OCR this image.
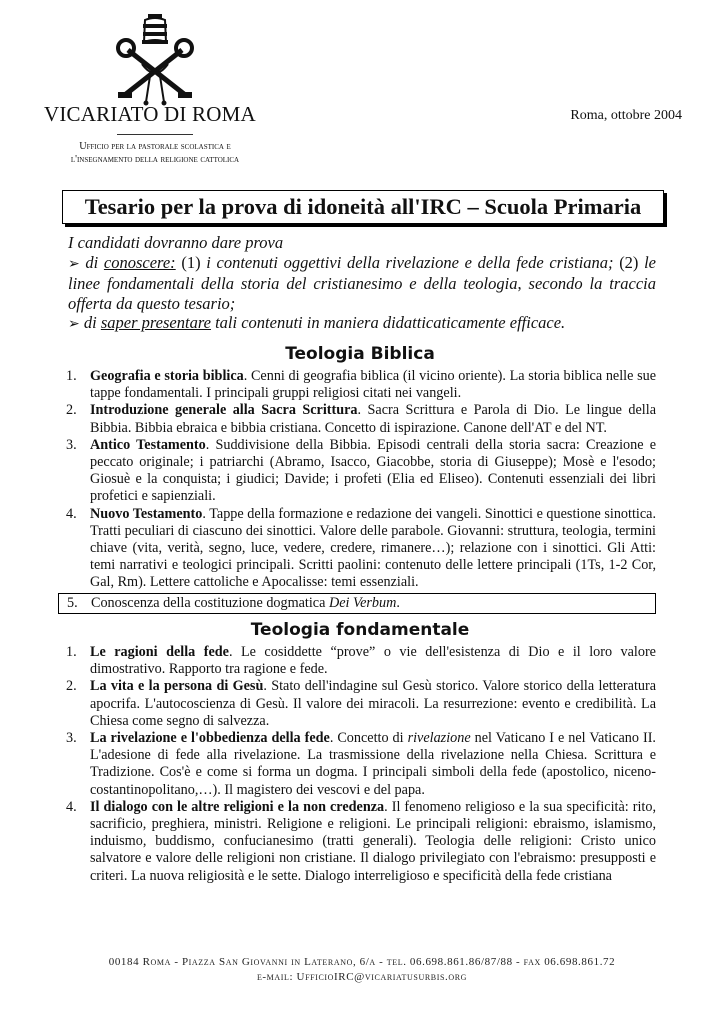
VICARIATO DI ROMA	Roma, ottobre 2004
Ufficio per la pastorale scolastica e
l'insegnamento della religione cattolica
Tesario per la prova di idoneità all'IRC – Scuola Primaria
I candidati dovranno dare prova
➢ di conoscere: (1) i contenuti oggettivi della rivelazione e della fede cristiana; (2) le linee fondamentali della storia del cristianesimo e della teologia, secondo la traccia offerta da questo tesario;
➢ di saper presentare tali contenuti in maniera didatticaticamente efficace.
Teologia Biblica
1. Geografia e storia biblica. Cenni di geografia biblica (il vicino oriente). La storia biblica nelle sue tappe fondamentali. I principali gruppi religiosi citati nei vangeli.
2. Introduzione generale alla Sacra Scrittura. Sacra Scrittura e Parola di Dio. Le lingue della Bibbia. Bibbia ebraica e bibbia cristiana. Concetto di ispirazione. Canone dell'AT e del NT.
3. Antico Testamento. Suddivisione della Bibbia. Episodi centrali della storia sacra: Creazione e peccato originale; i patriarchi (Abramo, Isacco, Giacobbe, storia di Giuseppe); Mosè e l'esodo; Giosuè e la conquista; i giudici; Davide; i profeti (Elia ed Eliseo). Contenuti essenziali dei libri profetici e sapienziali.
4. Nuovo Testamento. Tappe della formazione e redazione dei vangeli. Sinottici e questione sinottica. Tratti peculiari di ciascuno dei sinottici. Valore delle parabole. Giovanni: struttura, teologia, termini chiave (vita, verità, segno, luce, vedere, credere, rimanere…); relazione con i sinottici. Gli Atti: temi narrativi e teologici principali. Scritti paolini: contenuto delle lettere principali (1Ts, 1-2 Cor, Gal, Rm). Lettere cattoliche e Apocalisse: temi essenziali.
5. Conoscenza della costituzione dogmatica Dei Verbum.
Teologia fondamentale
1. Le ragioni della fede. Le cosiddette “prove” o vie dell'esistenza di Dio e il loro valore dimostrativo. Rapporto tra ragione e fede.
2. La vita e la persona di Gesù. Stato dell'indagine sul Gesù storico. Valore storico della letteratura apocrifa. L'autocoscienza di Gesù. Il valore dei miracoli. La resurrezione: evento e credibilità. La Chiesa come segno di salvezza.
3. La rivelazione e l'obbedienza della fede. Concetto di rivelazione nel Vaticano I e nel Vaticano II. L'adesione di fede alla rivelazione. La trasmissione della rivelazione nella Chiesa. Scrittura e Tradizione. Cos'è e come si forma un dogma. I principali simboli della fede (apostolico, niceno-costantinopolitano,…). Il magistero dei vescovi e del papa.
4. Il dialogo con le altre religioni e la non credenza. Il fenomeno religioso e la sua specificità: rito, sacrificio, preghiera, ministri. Religione e religioni. Le principali religioni: ebraismo, islamismo, induismo, buddismo, confucianesimo (tratti generali). Teologia delle religioni: Cristo unico salvatore e valore delle religioni non cristiane. Il dialogo privilegiato con l'ebraismo: presupposti e criteri. La nuova religiosità e le sette. Dialogo interreligioso e specificità della fede cristiana
00184 Roma - Piazza San Giovanni in Laterano, 6/a - tel. 06.698.861.86/87/88 - fax 06.698.861.72
e-mail: UfficioIRC@vicariatusurbis.org
